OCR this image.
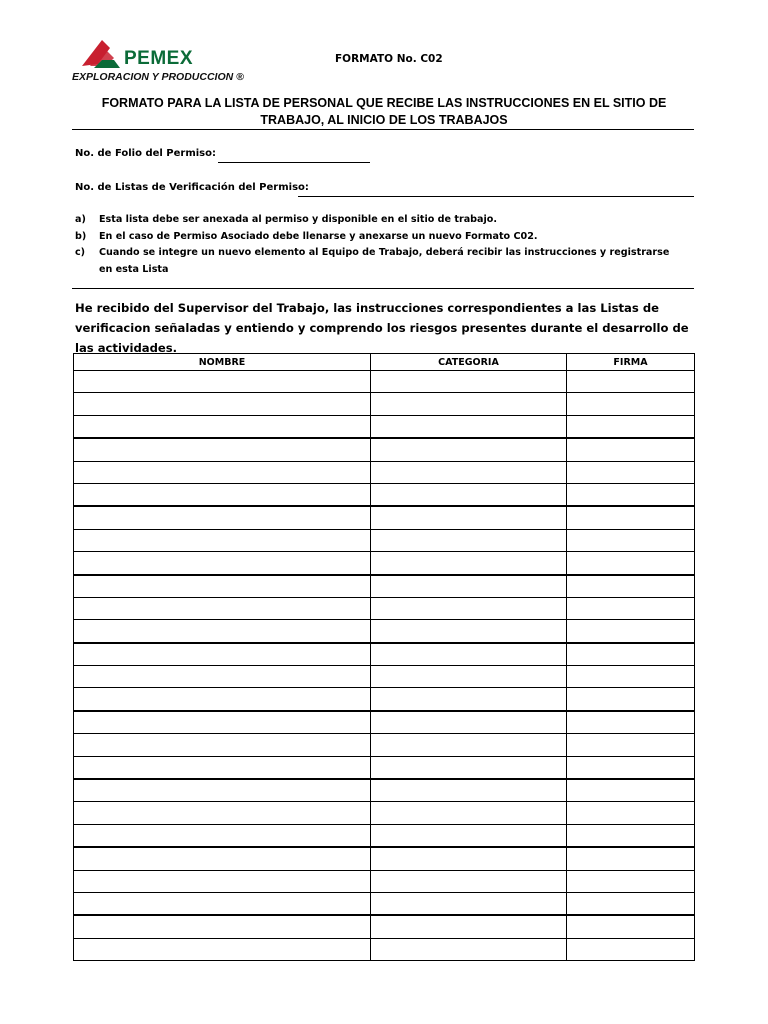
PEMEX
EXPLORACION Y PRODUCCION ®
FORMATO No. C02
FORMATO PARA LA LISTA DE PERSONAL QUE RECIBE LAS INSTRUCCIONES EN EL SITIO DE TRABAJO, AL INICIO DE LOS TRABAJOS
No. de Folio del Permiso:
No. de Listas de Verificación del Permiso:
a)	Esta lista debe ser anexada al permiso y disponible en el sitio de trabajo.
b)	En el caso de Permiso Asociado debe llenarse y anexarse un nuevo Formato C02.
c)	Cuando se integre un nuevo elemento al Equipo de Trabajo, deberá recibir las instrucciones y registrarse en esta Lista
He recibido del Supervisor del Trabajo, las instrucciones correspondientes a las Listas de verificacion señaladas y entiendo y comprendo los riesgos presentes durante el desarrollo de las actividades.
NOMBRE	CATEGORIA	FIRMA
